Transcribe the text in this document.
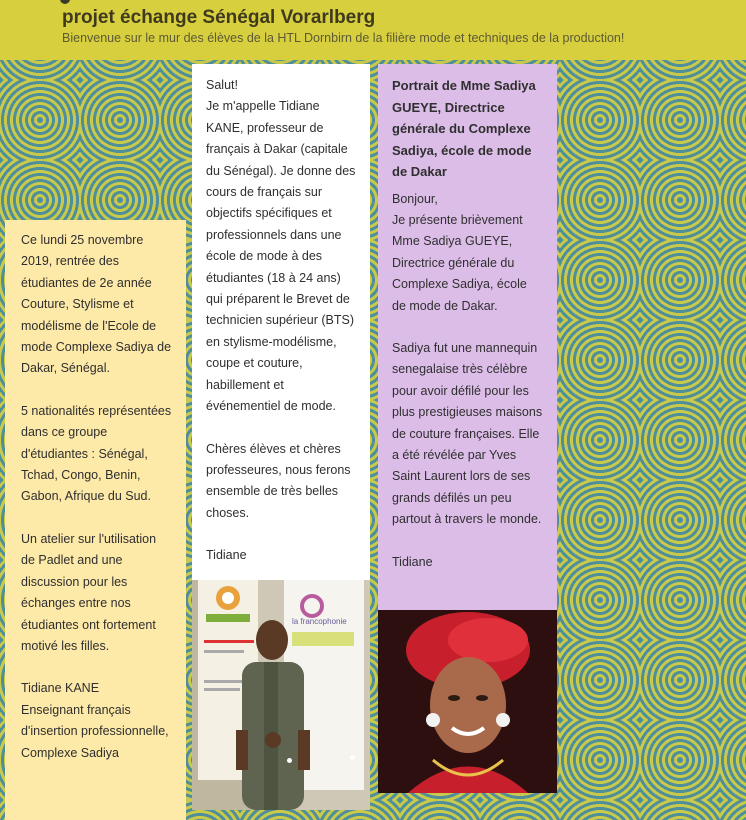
projet échange Sénégal Vorarlberg

Bienvenue sur le mur des élèves de la HTL Dornbirn de la filière mode et techniques de la production!

Ce lundi 25 novembre 2019, rentrée des étudiantes de 2e année Couture, Stylisme et modélisme de l'Ecole de mode Complexe Sadiya de Dakar, Sénégal.

5 nationalités représentées dans ce groupe d'étudiantes : Sénégal, Tchad, Congo, Benin, Gabon, Afrique du Sud.

Un atelier sur l'utilisation de Padlet and une discussion pour les échanges entre nos étudiantes ont fortement motivé les filles.

Tidiane KANE
Enseignant français d'insertion professionnelle, Complexe Sadiya

Salut!
Je m'appelle Tidiane KANE, professeur de français à Dakar (capitale du Sénégal). Je donne des cours de français sur objectifs spécifiques et professionnels dans une école de mode à des étudiantes (18 à 24 ans) qui préparent le Brevet de technicien supérieur (BTS) en stylisme-modélisme, coupe et couture, habillement et événementiel de mode.

Chères élèves et chères professeures, nous ferons ensemble de très belles choses.

Tidiane

la francophonie

Portrait de Mme Sadiya GUEYE, Directrice générale du Complexe Sadiya, école de mode de Dakar

Bonjour,
Je présente brièvement Mme Sadiya GUEYE, Directrice générale du Complexe Sadiya, école de mode de Dakar.

Sadiya fut une mannequin senegalaise très célèbre pour avoir défilé pour les plus prestigieuses maisons de couture françaises. Elle a été révélée par Yves Saint Laurent lors de ses grands défilés un peu partout à travers le monde.

Tidiane
